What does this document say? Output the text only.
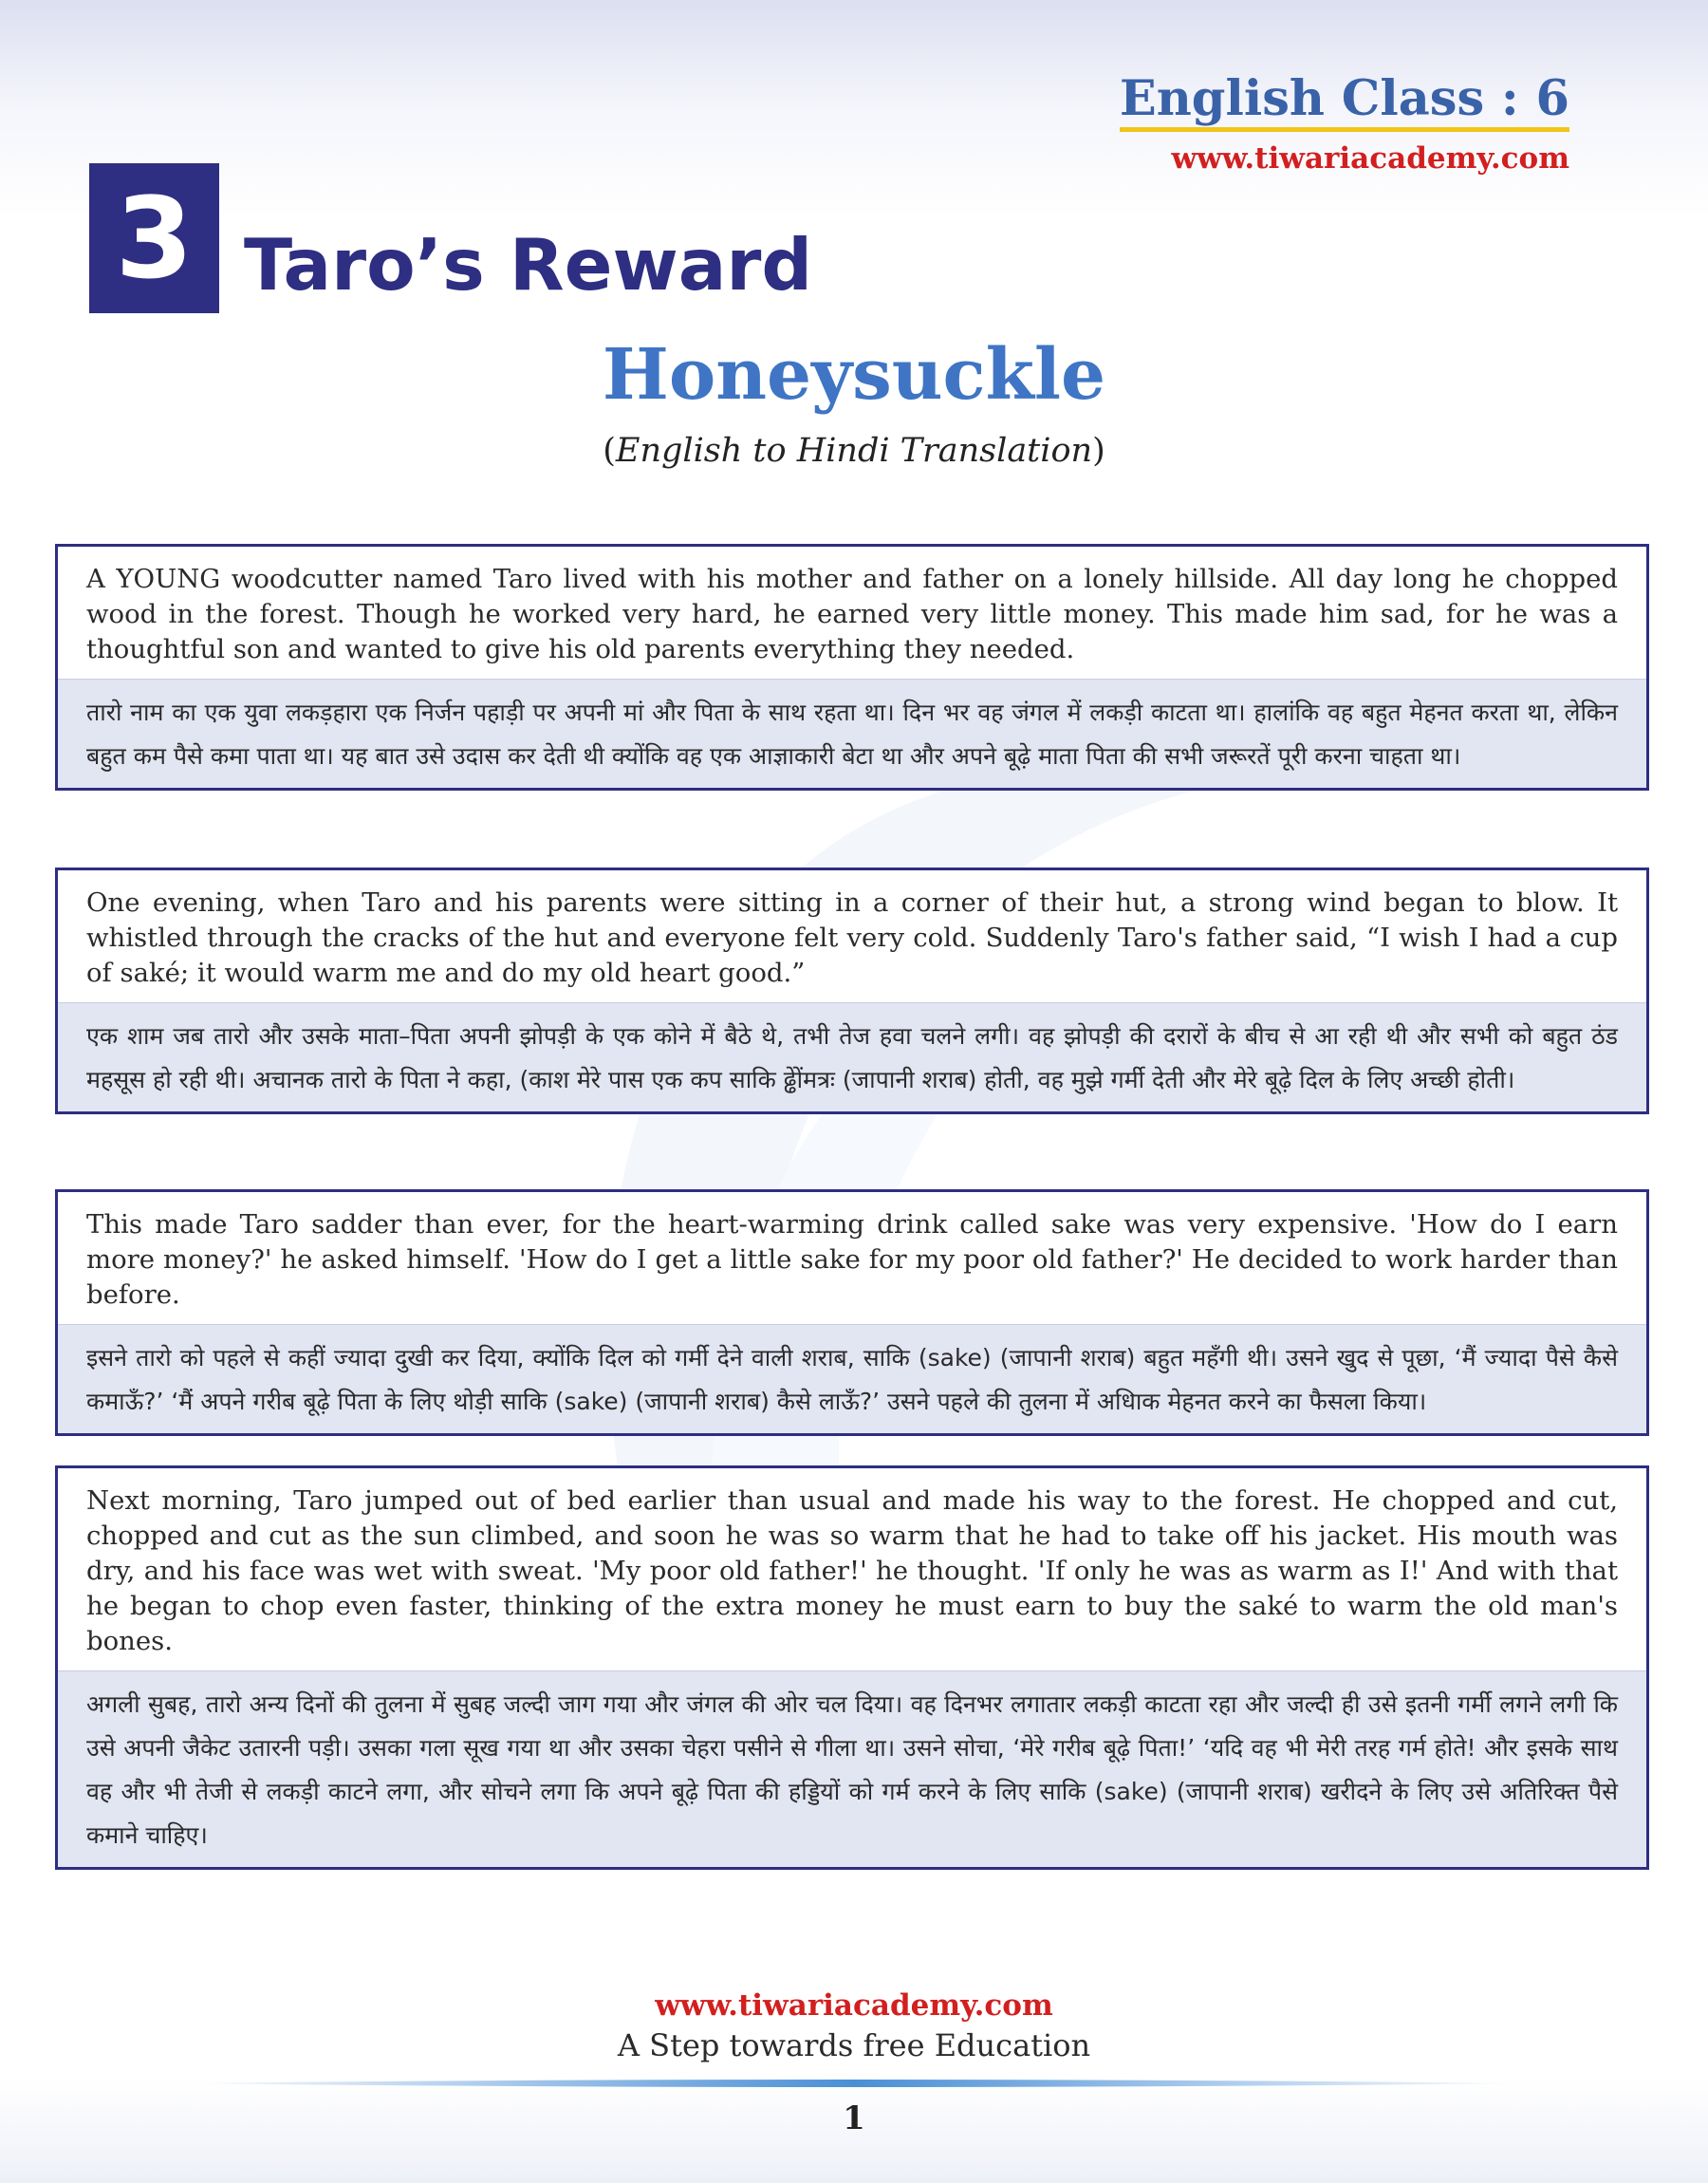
English Class : 6
www.tiwariacademy.com
3 Taro’s Reward
Honeysuckle
(English to Hindi Translation)
A YOUNG woodcutter named Taro lived with his mother and father on a lonely hillside. All day long he chopped wood in the forest. Though he worked very hard, he earned very little money. This made him sad, for he was a thoughtful son and wanted to give his old parents everything they needed.
तारो नाम का एक युवा लकड़हारा एक निर्जन पहाड़ी पर अपनी मां और पिता के साथ रहता था। दिन भर वह जंगल में लकड़ी काटता था। हालांकि वह बहुत मेहनत करता था, लेकिन बहुत कम पैसे कमा पाता था। यह बात उसे उदास कर देती थी क्योंकि वह एक आज्ञाकारी बेटा था और अपने बूढ़े माता पिता की सभी जरूरतें पूरी करना चाहता था।
One evening, when Taro and his parents were sitting in a corner of their hut, a strong wind began to blow. It whistled through the cracks of the hut and everyone felt very cold. Suddenly Taro's father said, “I wish I had a cup of saké; it would warm me and do my old heart good.”
एक शाम जब तारो और उसके माता–पिता अपनी झोपड़ी के एक कोने में बैठे थे, तभी तेज हवा चलने लगी। वह झोपड़ी की दरारों के बीच से आ रही थी और सभी को बहुत ठंड महसूस हो रही थी। अचानक तारो के पिता ने कहा, (काश मेरे पास एक कप साकि ढ्ढेोंमत्रः (जापानी शराब) होती, वह मुझे गर्मी देती और मेरे बूढ़े दिल के लिए अच्छी होती।
This made Taro sadder than ever, for the heart-warming drink called sake was very expensive. 'How do I earn more money?' he asked himself. 'How do I get a little sake for my poor old father?' He decided to work harder than before.
इसने तारो को पहले से कहीं ज्यादा दुखी कर दिया, क्योंकि दिल को गर्मी देने वाली शराब, साकि (sake) (जापानी शराब) बहुत महँगी थी। उसने खुद से पूछा, ‘मैं ज्यादा पैसे कैसे कमाऊँ?’ ‘मैं अपने गरीब बूढ़े पिता के लिए थोड़ी साकि (sake) (जापानी शराब) कैसे लाऊँ?’ उसने पहले की तुलना में अधिाक मेहनत करने का फैसला किया।
Next morning, Taro jumped out of bed earlier than usual and made his way to the forest. He chopped and cut, chopped and cut as the sun climbed, and soon he was so warm that he had to take off his jacket. His mouth was dry, and his face was wet with sweat. 'My poor old father!' he thought. 'If only he was as warm as I!' And with that he began to chop even faster, thinking of the extra money he must earn to buy the saké to warm the old man's bones.
अगली सुबह, तारो अन्य दिनों की तुलना में सुबह जल्दी जाग गया और जंगल की ओर चल दिया। वह दिनभर लगातार लकड़ी काटता रहा और जल्दी ही उसे इतनी गर्मी लगने लगी कि उसे अपनी जैकेट उतारनी पड़ी। उसका गला सूख गया था और उसका चेहरा पसीने से गीला था। उसने सोचा, ‘मेरे गरीब बूढ़े पिता!’ ‘यदि वह भी मेरी तरह गर्म होते! और इसके साथ वह और भी तेजी से लकड़ी काटने लगा, और सोचने लगा कि अपने बूढ़े पिता की हड्डियों को गर्म करने के लिए साकि (sake) (जापानी शराब) खरीदने के लिए उसे अतिरिक्त पैसे कमाने चाहिए।
www.tiwariacademy.com
A Step towards free Education
1
